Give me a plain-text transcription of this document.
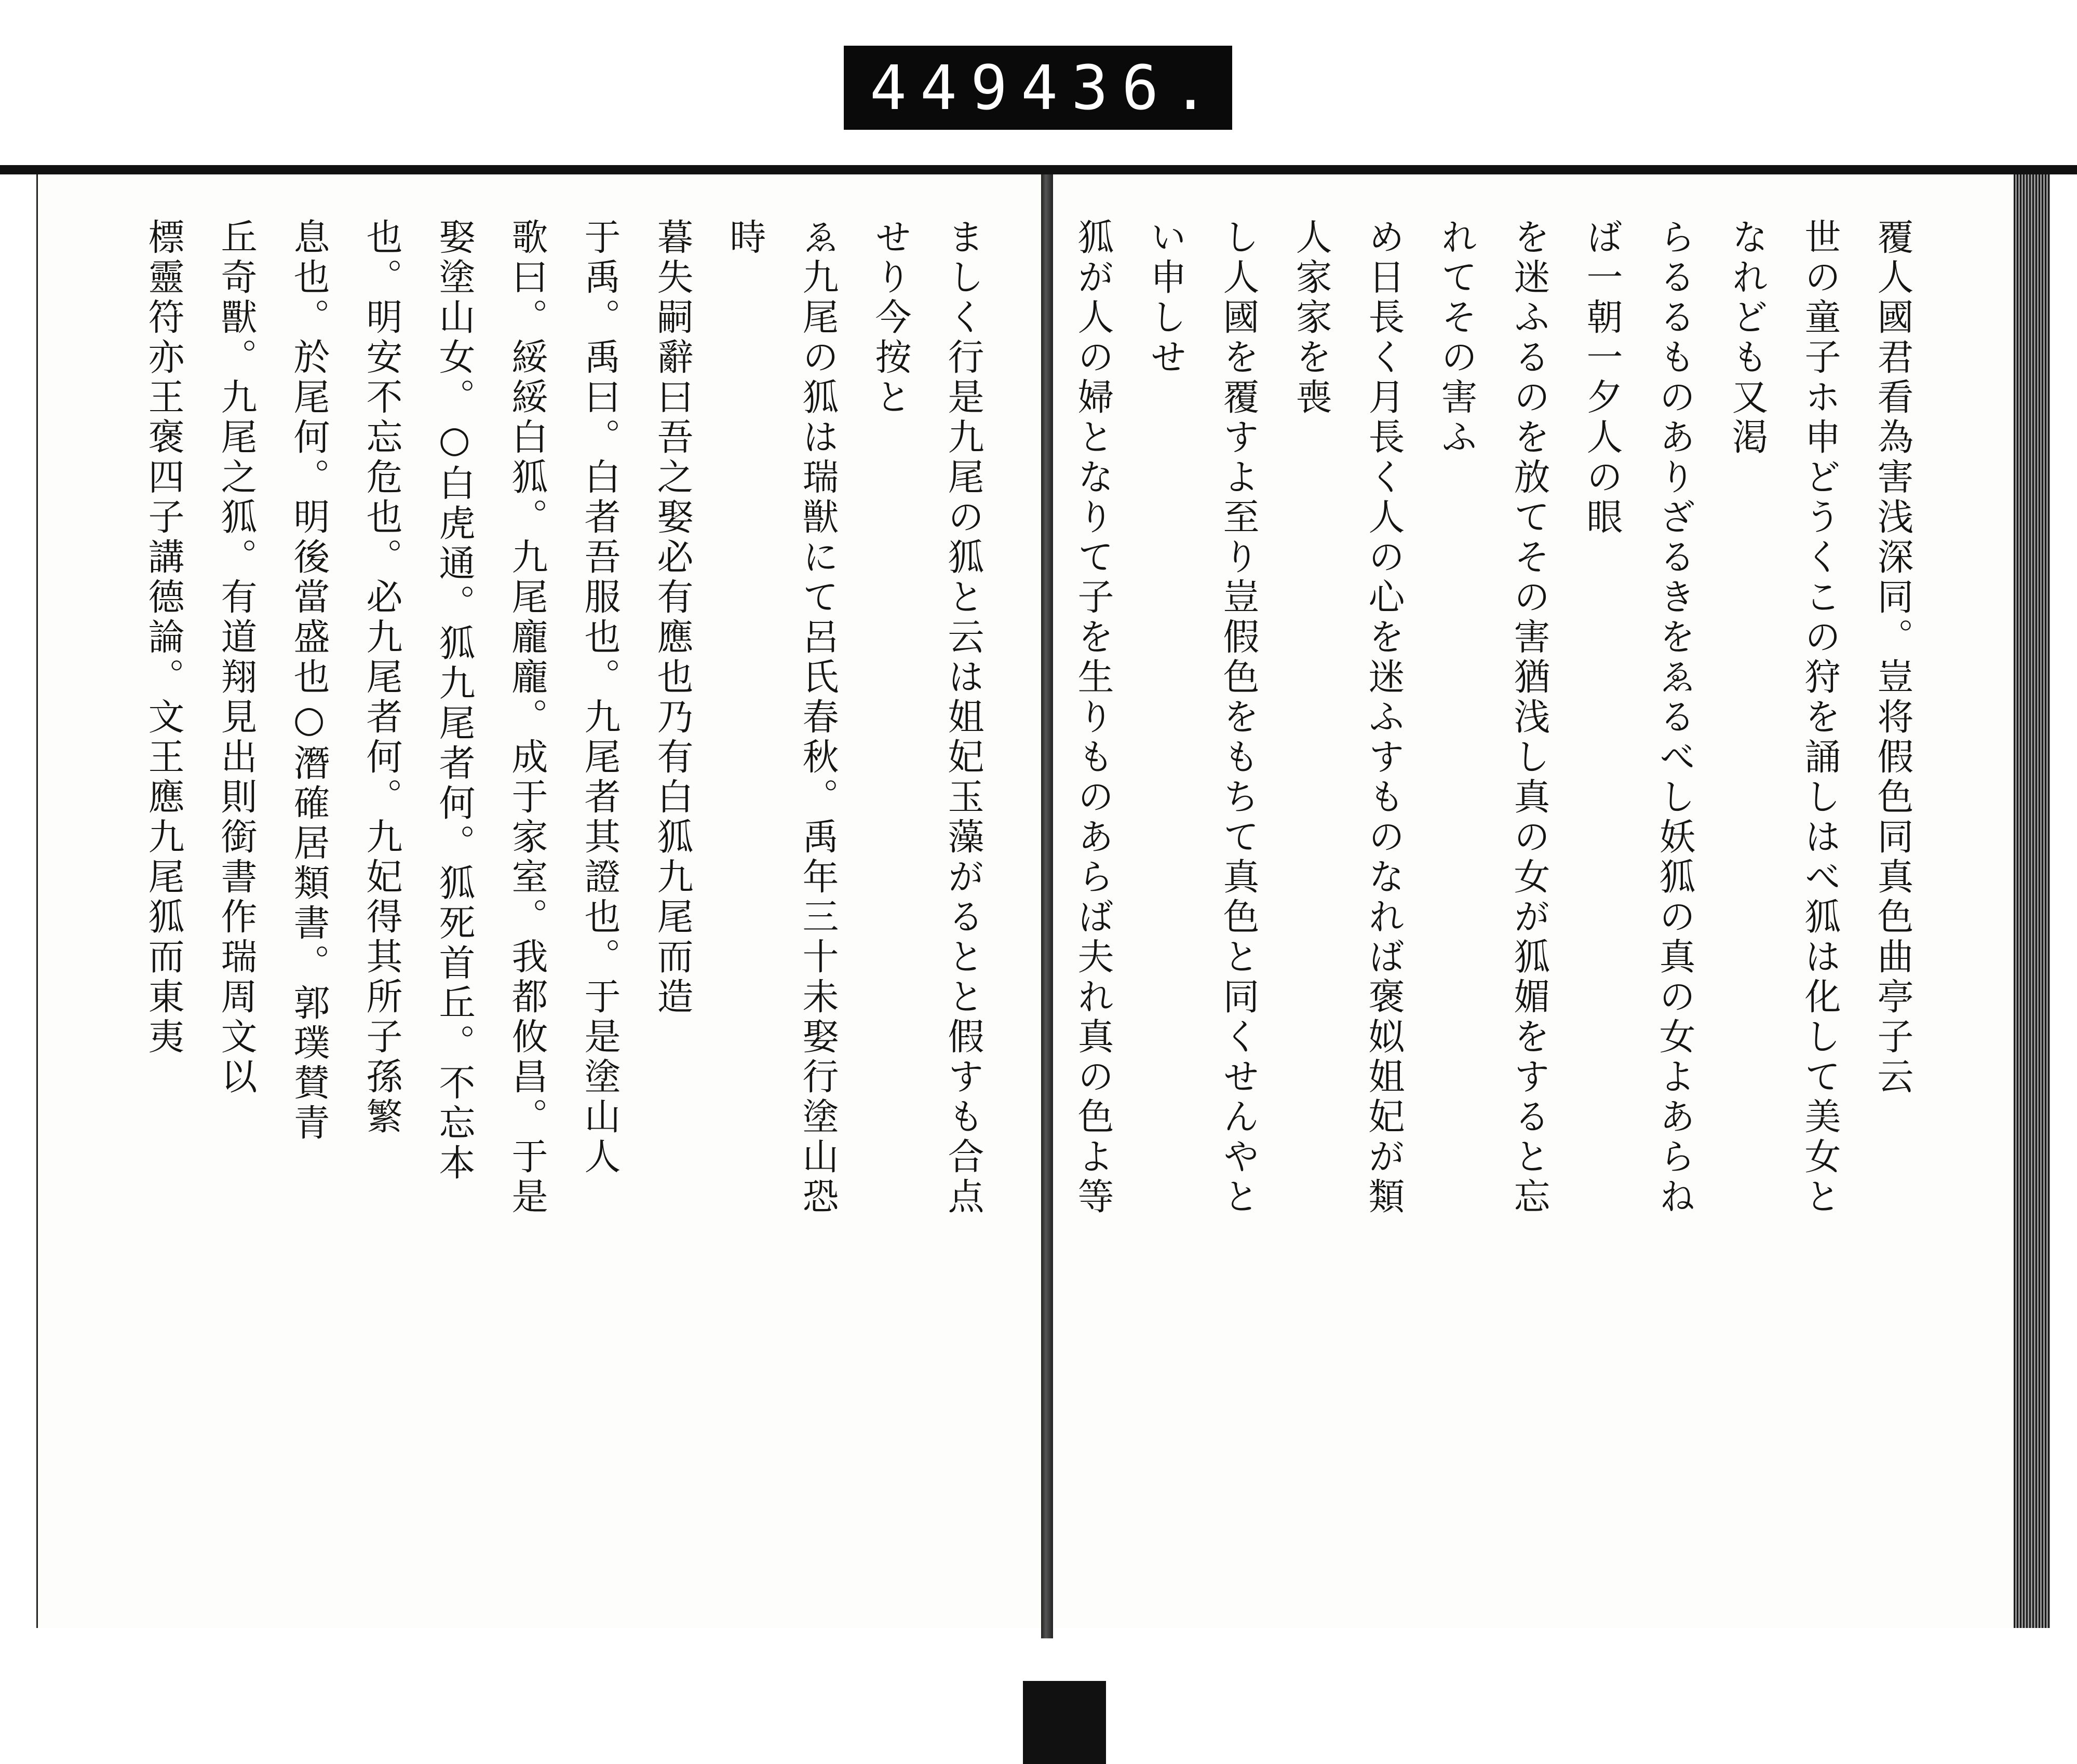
449 436.
覆人國君看為害浅深同。豈将假色同真色曲亭子云
世の童子ホ申どうくこの狩を誦しはべ狐は化して美女となれども又渇
らるるものありざるきをゑるべし妖狐の真の女よあらねば一朝一夕人の眼
を迷ふるのを放てその害猶浅し真の女が狐媚をすると忘れてその害ふ
め日長く月長く人の心を迷ふすものなれば褒姒姐妃が類人家家を喪
し人國を覆すよ至り豈假色をもちて真色と同くせんやとい申しせ
狐が人の婦となりて子を生りものあらば夫れ真の色よ等
ましく行是九尾の狐と云は姐妃玉藻がるとと假すも合点せり今按と
ゑ九尾の狐は瑞獣にて呂氏春秋。禹年三十未娶行塗山恐時
暮失嗣辭曰吾之娶必有應也乃有白狐九尾而造
于禹。禹曰。白者吾服也。九尾者其證也。于是塗山人
歌曰。綏綏白狐。九尾龐龐。成于家室。我都攸昌。于是
娶塗山女。○白虎通。狐九尾者何。狐死首丘。不忘本
也。明安不忘危也。必九尾者何。九妃得其所子孫繁
息也。於尾何。明後當盛也○潛確居類書。郭璞賛青
丘奇獸。九尾之狐。有道翔見出則銜書作瑞周文以
標靈符亦王褒四子講德論。文王應九尾狐而東夷
